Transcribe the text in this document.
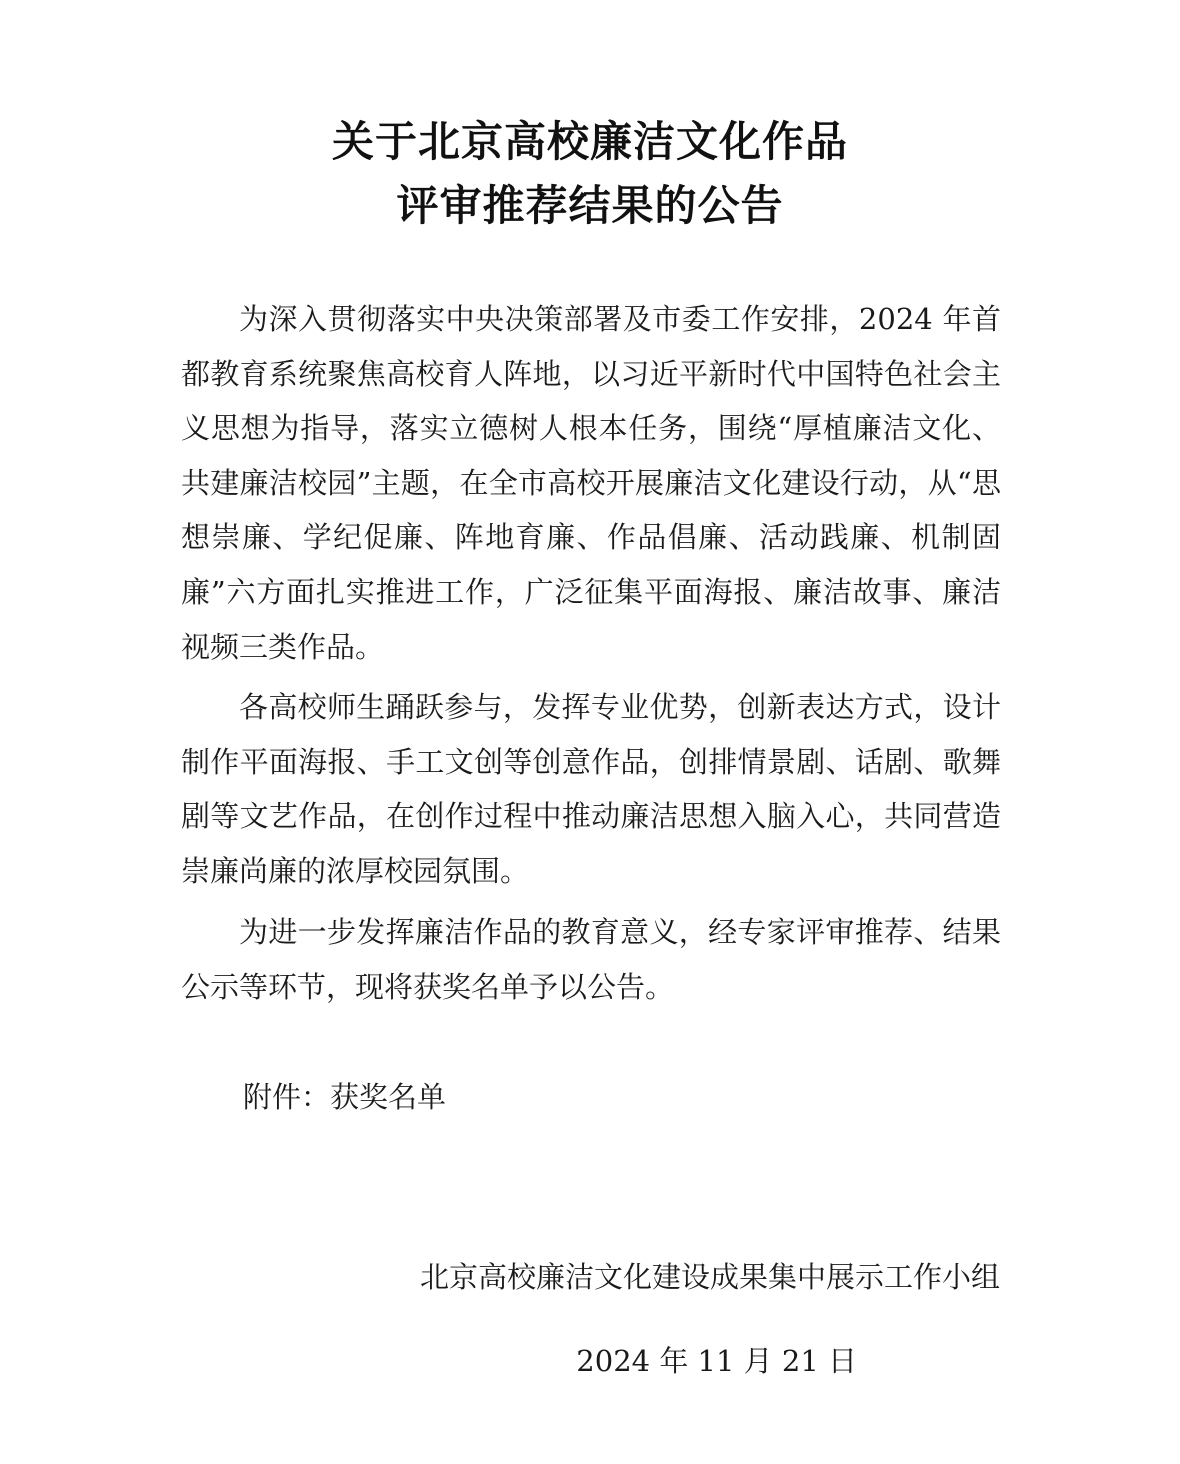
关于北京高校廉洁文化作品
评审推荐结果的公告

为深入贯彻落实中央决策部署及市委工作安排，2024 年首都教育系统聚焦高校育人阵地，以习近平新时代中国特色社会主义思想为指导，落实立德树人根本任务，围绕“厚植廉洁文化、共建廉洁校园”主题，在全市高校开展廉洁文化建设行动，从“思想崇廉、学纪促廉、阵地育廉、作品倡廉、活动践廉、机制固廉”六方面扎实推进工作，广泛征集平面海报、廉洁故事、廉洁视频三类作品。

各高校师生踊跃参与，发挥专业优势，创新表达方式，设计制作平面海报、手工文创等创意作品，创排情景剧、话剧、歌舞剧等文艺作品，在创作过程中推动廉洁思想入脑入心，共同营造崇廉尚廉的浓厚校园氛围。

为进一步发挥廉洁作品的教育意义，经专家评审推荐、结果公示等环节，现将获奖名单予以公告。

附件：获奖名单
北京高校廉洁文化建设成果集中展示工作小组
2024 年 11 月 21 日
